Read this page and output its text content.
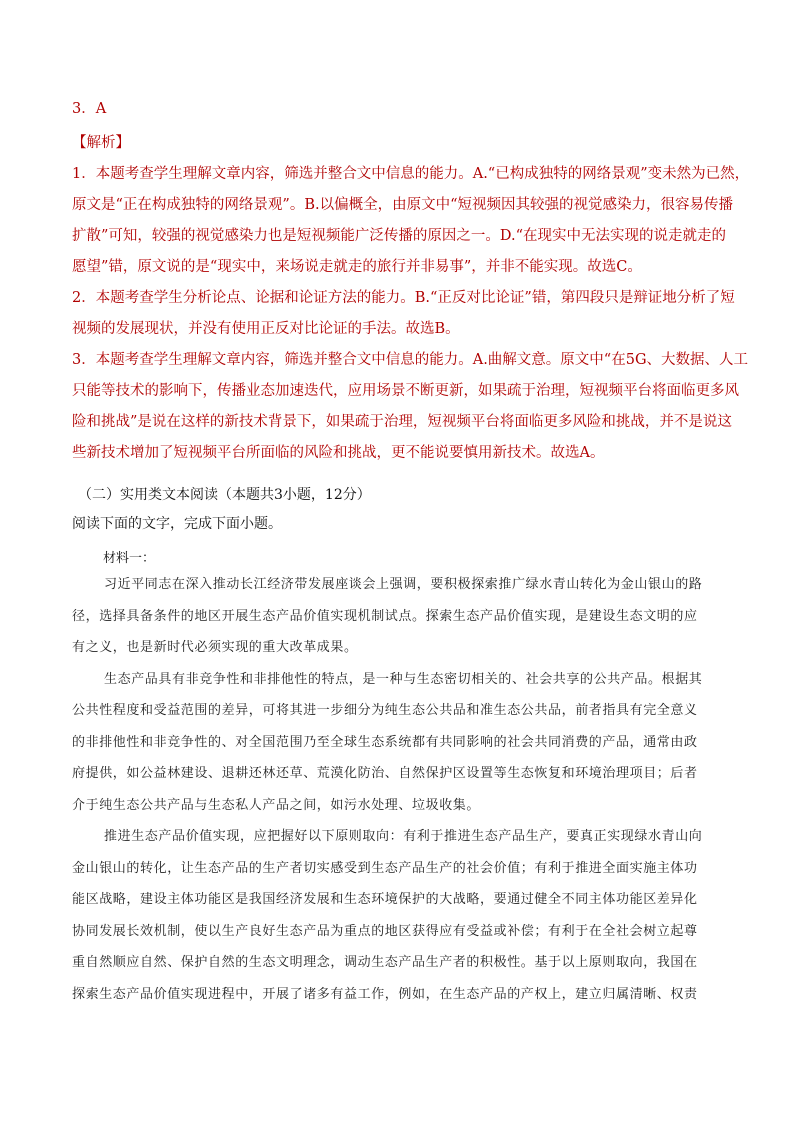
3．A
【解析】
1．本题考查学生理解文章内容，筛选并整合文中信息的能力。A.“已构成独特的网络景观”变未然为已然，
原文是“正在构成独特的网络景观”。B.以偏概全，由原文中“短视频因其较强的视觉感染力，很容易传播
扩散”可知，较强的视觉感染力也是短视频能广泛传播的原因之一。D.“在现实中无法实现的说走就走的
愿望”错，原文说的是“现实中，来场说走就走的旅行并非易事”，并非不能实现。故选C。
2．本题考查学生分析论点、论据和论证方法的能力。B.“正反对比论证”错，第四段只是辩证地分析了短
视频的发展现状，并没有使用正反对比论证的手法。故选B。
3．本题考查学生理解文章内容，筛选并整合文中信息的能力。A.曲解文意。原文中“在5G、大数据、人工
只能等技术的影响下，传播业态加速迭代，应用场景不断更新，如果疏于治理，短视频平台将面临更多风
险和挑战”是说在这样的新技术背景下，如果疏于治理，短视频平台将面临更多风险和挑战，并不是说这
些新技术增加了短视频平台所面临的风险和挑战，更不能说要慎用新技术。故选A。
（二）实用类文本阅读（本题共3小题，12分）
阅读下面的文字，完成下面小题。
材料一：
习近平同志在深入推动长江经济带发展座谈会上强调，要积极探索推广绿水青山转化为金山银山的路
径，选择具备条件的地区开展生态产品价值实现机制试点。探索生态产品价值实现，是建设生态文明的应
有之义，也是新时代必须实现的重大改革成果。
生态产品具有非竞争性和非排他性的特点，是一种与生态密切相关的、社会共享的公共产品。根据其
公共性程度和受益范围的差异，可将其进一步细分为纯生态公共品和准生态公共品，前者指具有完全意义
的非排他性和非竞争性的、对全国范围乃至全球生态系统都有共同影响的社会共同消费的产品，通常由政
府提供，如公益林建设、退耕还林还草、荒漠化防治、自然保护区设置等生态恢复和环境治理项目；后者
介于纯生态公共产品与生态私人产品之间，如污水处理、垃圾收集。
推进生态产品价值实现，应把握好以下原则取向：有利于推进生态产品生产，要真正实现绿水青山向
金山银山的转化，让生态产品的生产者切实感受到生态产品生产的社会价值；有利于推进全面实施主体功
能区战略，建设主体功能区是我国经济发展和生态环境保护的大战略，要通过健全不同主体功能区差异化
协同发展长效机制，使以生产良好生态产品为重点的地区获得应有受益或补偿；有利于在全社会树立起尊
重自然顺应自然、保护自然的生态文明理念，调动生态产品生产者的积极性。基于以上原则取向，我国在
探索生态产品价值实现进程中，开展了诸多有益工作，例如，在生态产品的产权上，建立归属清晰、权责
